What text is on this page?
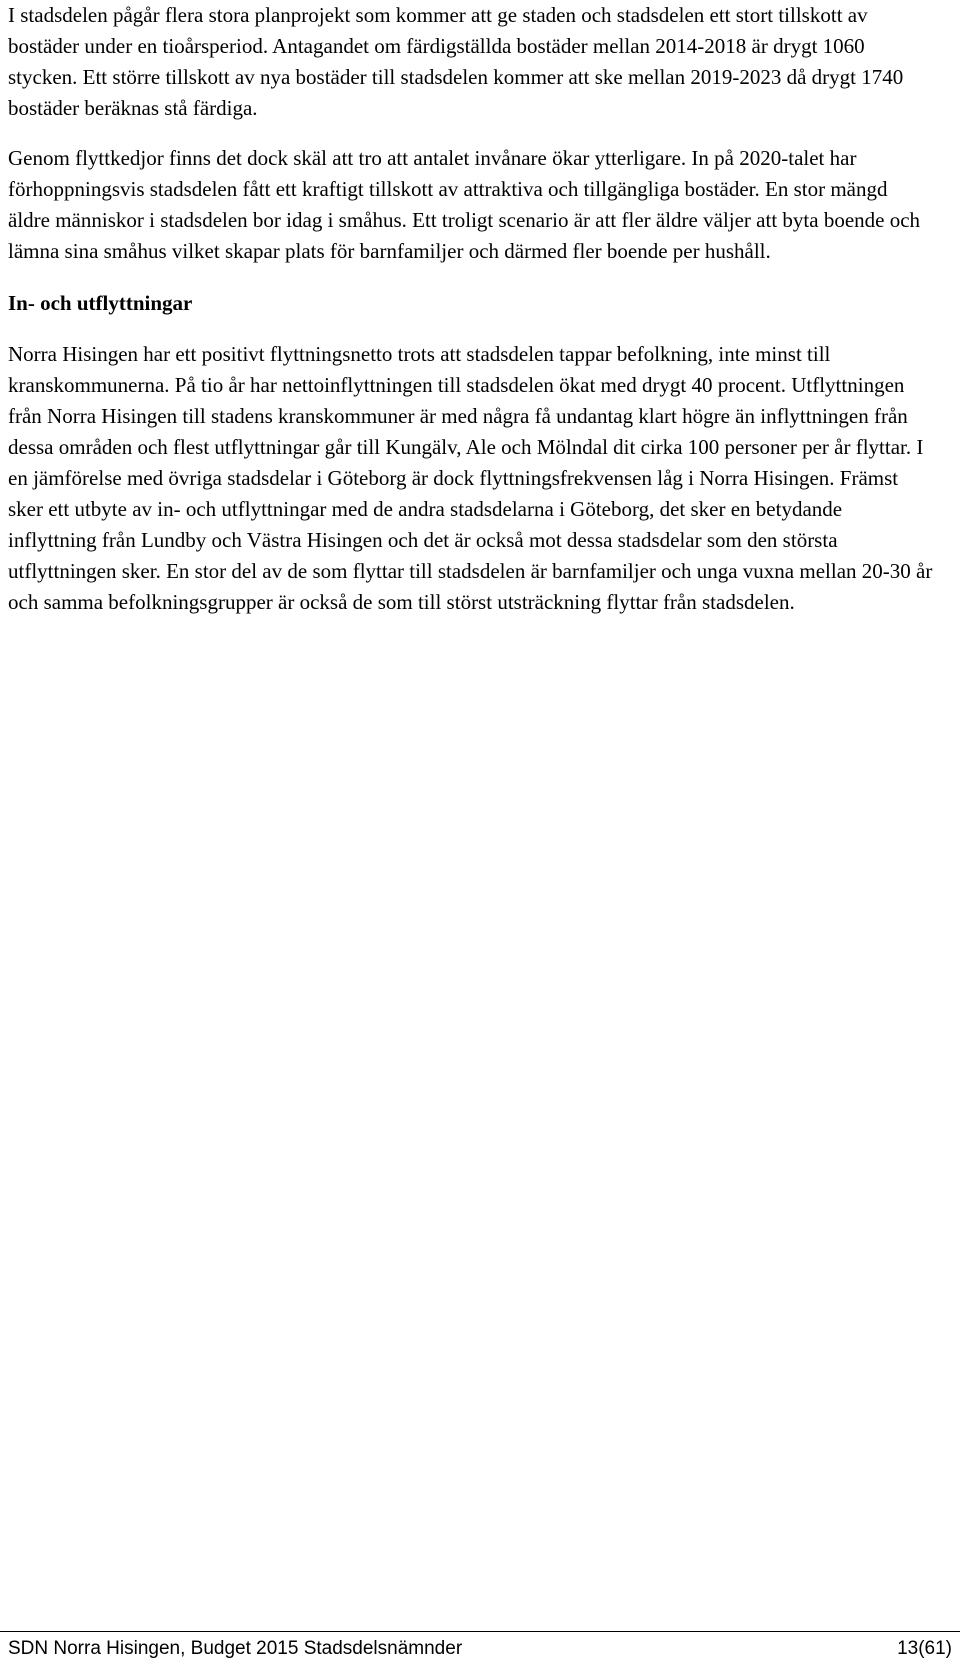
I stadsdelen pågår flera stora planprojekt som kommer att ge staden och stadsdelen ett stort tillskott av bostäder under en tioårsperiod. Antagandet om färdigställda bostäder mellan 2014-2018 är drygt 1060 stycken. Ett större tillskott av nya bostäder till stadsdelen kommer att ske mellan 2019-2023 då drygt 1740 bostäder beräknas stå färdiga.

Genom flyttkedjor finns det dock skäl att tro att antalet invånare ökar ytterligare. In på 2020-talet har förhoppningsvis stadsdelen fått ett kraftigt tillskott av attraktiva och tillgängliga bostäder. En stor mängd äldre människor i stadsdelen bor idag i småhus. Ett troligt scenario är att fler äldre väljer att byta boende och lämna sina småhus vilket skapar plats för barnfamiljer och därmed fler boende per hushåll.

In- och utflyttningar

Norra Hisingen har ett positivt flyttningsnetto trots att stadsdelen tappar befolkning, inte minst till kranskommunerna. På tio år har nettoinflyttningen till stadsdelen ökat med drygt 40 procent. Utflyttningen från Norra Hisingen till stadens kranskommuner är med några få undantag klart högre än inflyttningen från dessa områden och flest utflyttningar går till Kungälv, Ale och Mölndal dit cirka 100 personer per år flyttar. I en jämförelse med övriga stadsdelar i Göteborg är dock flyttningsfrekvensen låg i Norra Hisingen. Främst sker ett utbyte av in- och utflyttningar med de andra stadsdelarna i Göteborg, det sker en betydande inflyttning från Lundby och Västra Hisingen och det är också mot dessa stadsdelar som den största utflyttningen sker. En stor del av de som flyttar till stadsdelen är barnfamiljer och unga vuxna mellan 20-30 år och samma befolkningsgrupper är också de som till störst utsträckning flyttar från stadsdelen.

SDN Norra Hisingen, Budget 2015 Stadsdelsnämnder	13(61)
